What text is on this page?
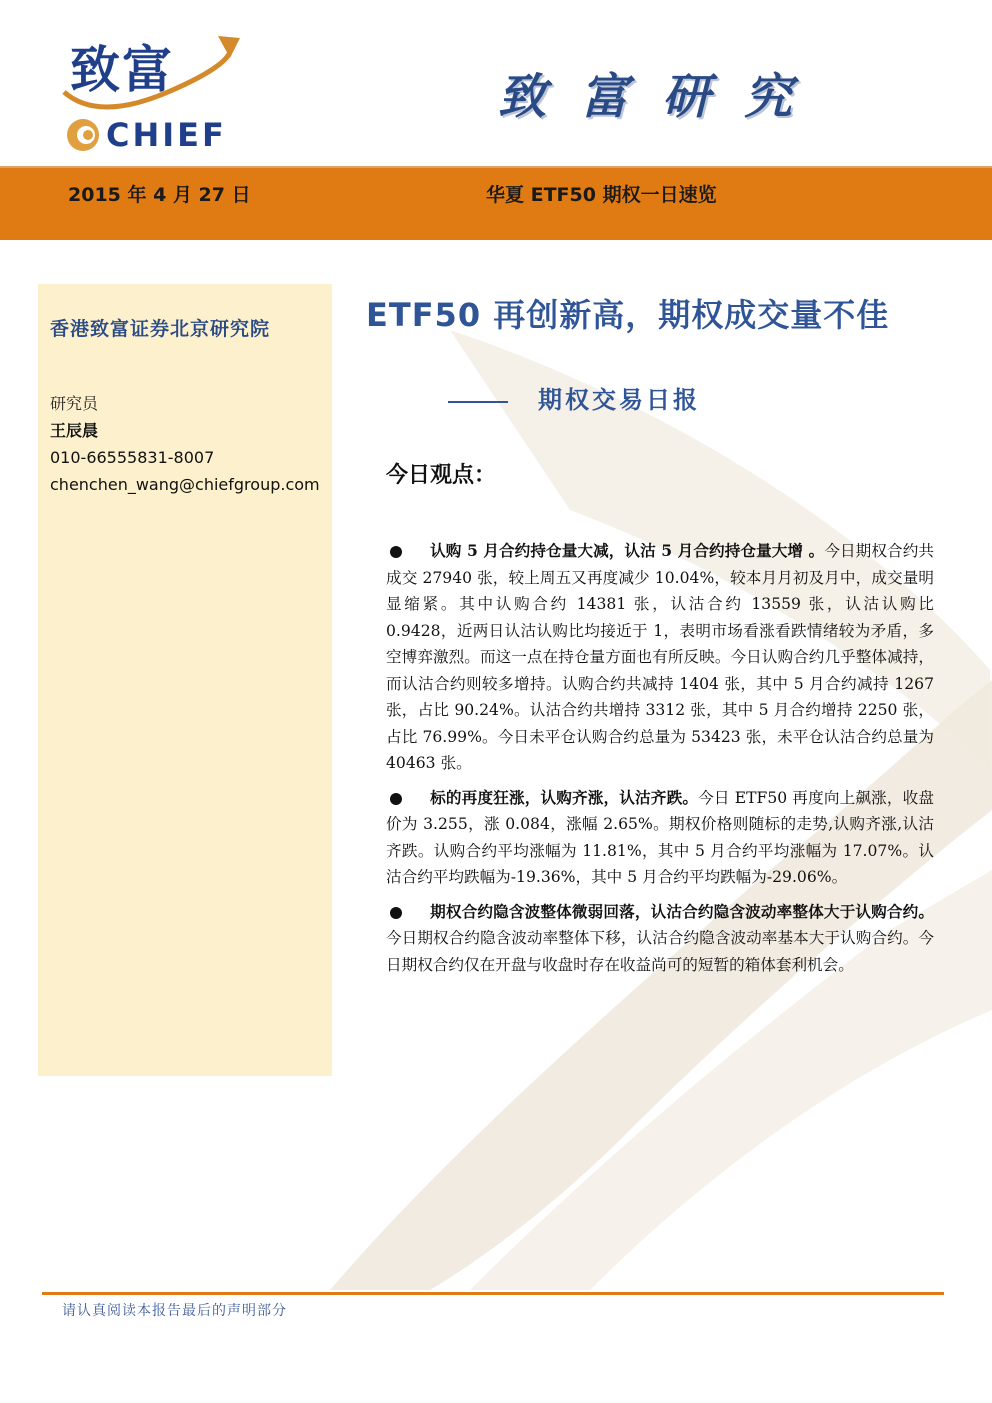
致富
CHIEF
致富研究
2015 年 4 月 27 日	华夏 ETF50 期权一日速览
香港致富证券北京研究院
研究员
王辰晨
010-66555831-8007
chenchen_wang@chiefgroup.com
ETF50 再创新高，期权成交量不佳
期权交易日报
今日观点：

认购 5 月合约持仓量大减，认沽 5 月合约持仓量大增 。今日期权合约共成交 27940 张，较上周五又再度减少 10.04%，较本月月初及月中，成交量明显缩紧。其中认购合约 14381 张，认沽合约 13559 张，认沽认购比 0.9428，近两日认沽认购比均接近于 1，表明市场看涨看跌情绪较为矛盾，多空博弈激烈。而这一点在持仓量方面也有所反映。今日认购合约几乎整体减持，而认沽合约则较多增持。认购合约共减持 1404 张，其中 5 月合约减持 1267 张，占比 90.24%。认沽合约共增持 3312 张，其中 5 月合约增持 2250 张，占比 76.99%。今日未平仓认购合约总量为 53423 张，未平仓认沽合约总量为 40463 张。

标的再度狂涨，认购齐涨，认沽齐跌。今日 ETF50 再度向上飙涨，收盘价为 3.255，涨 0.084，涨幅 2.65%。期权价格则随标的走势,认购齐涨,认沽齐跌。认购合约平均涨幅为 11.81%，其中 5 月合约平均涨幅为 17.07%。认沽合约平均跌幅为-19.36%，其中 5 月合约平均跌幅为-29.06%。

期权合约隐含波整体微弱回落，认沽合约隐含波动率整体大于认购合约。今日期权合约隐含波动率整体下移，认沽合约隐含波动率基本大于认购合约。今日期权合约仅在开盘与收盘时存在收益尚可的短暂的箱体套利机会。

请认真阅读本报告最后的声明部分
